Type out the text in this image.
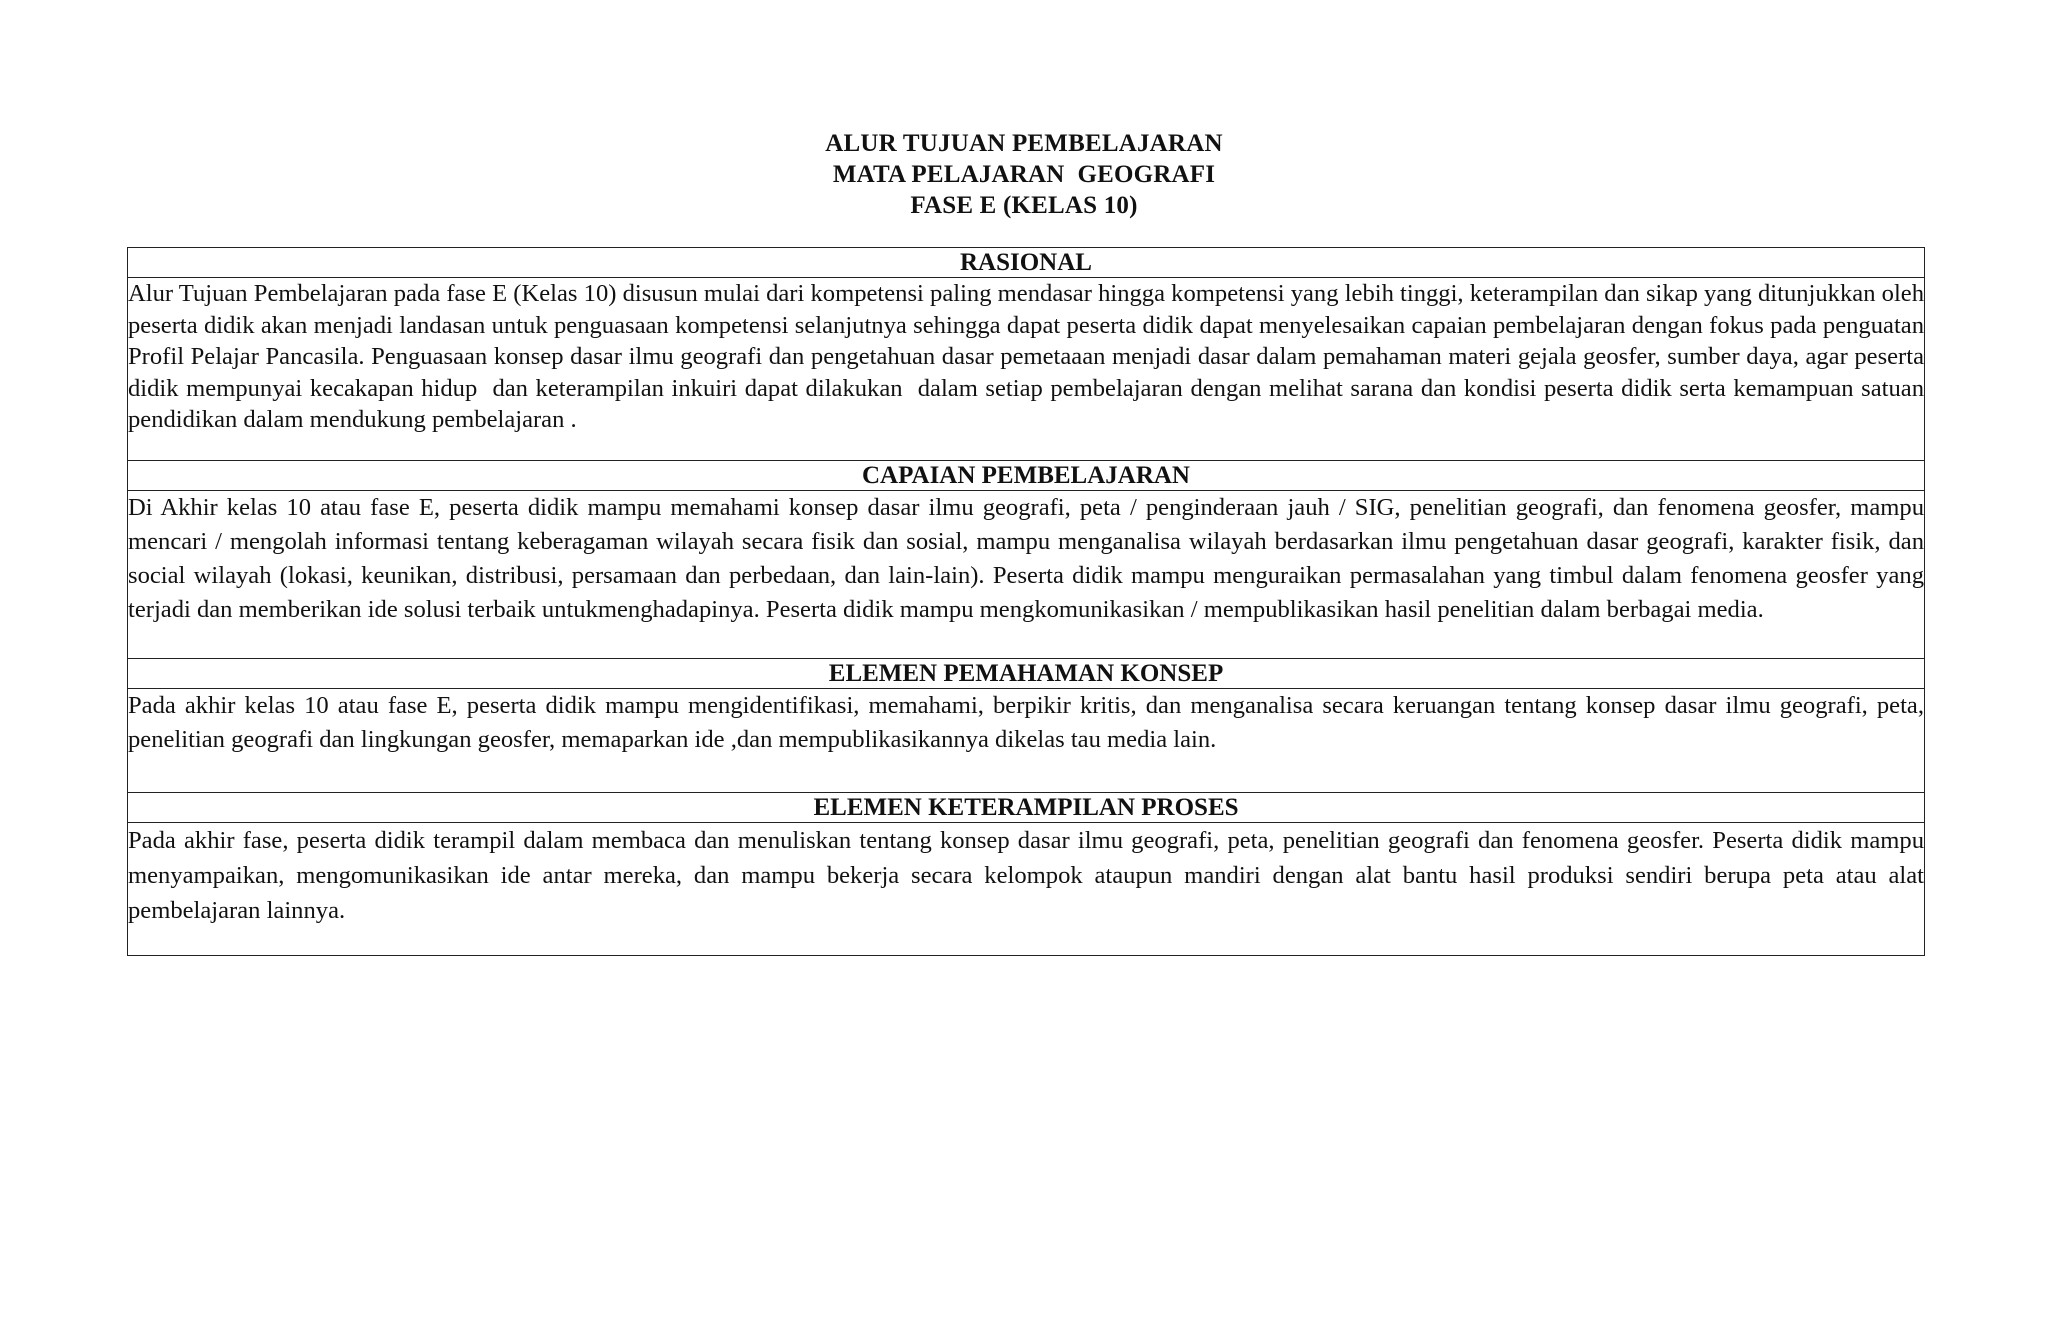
ALUR TUJUAN PEMBELAJARAN
MATA PELAJARAN  GEOGRAFI
FASE E (KELAS 10)
RASIONAL

Alur Tujuan Pembelajaran pada fase E (Kelas 10) disusun mulai dari kompetensi paling mendasar hingga kompetensi yang lebih tinggi, keterampilan dan sikap yang ditunjukkan oleh peserta didik akan menjadi landasan untuk penguasaan kompetensi selanjutnya sehingga dapat peserta didik dapat menyelesaikan capaian pembelajaran dengan fokus pada penguatan Profil Pelajar Pancasila. Penguasaan konsep dasar ilmu geografi dan pengetahuan dasar pemetaaan menjadi dasar dalam pemahaman materi gejala geosfer, sumber daya, agar peserta didik mempunyai kecakapan hidup  dan keterampilan inkuiri dapat dilakukan  dalam setiap pembelajaran dengan melihat sarana dan kondisi peserta didik serta kemampuan satuan pendidikan dalam mendukung pembelajaran .

CAPAIAN PEMBELAJARAN

Di Akhir kelas 10 atau fase E, peserta didik mampu memahami konsep dasar ilmu geografi, peta / penginderaan jauh / SIG, penelitian geografi, dan fenomena geosfer, mampu mencari / mengolah informasi tentang keberagaman wilayah secara fisik dan sosial, mampu menganalisa wilayah berdasarkan ilmu pengetahuan dasar geografi, karakter fisik, dan social wilayah (lokasi, keunikan, distribusi, persamaan dan perbedaan, dan lain-lain). Peserta didik mampu menguraikan permasalahan yang timbul dalam fenomena geosfer yang terjadi dan memberikan ide solusi terbaik untukmenghadapinya. Peserta didik mampu mengkomunikasikan / mempublikasikan hasil penelitian dalam berbagai media.

ELEMEN PEMAHAMAN KONSEP

Pada akhir kelas 10 atau fase E, peserta didik mampu mengidentifikasi, memahami, berpikir kritis, dan menganalisa secara keruangan tentang konsep dasar ilmu geografi, peta, penelitian geografi dan lingkungan geosfer, memaparkan ide ,dan mempublikasikannya dikelas tau media lain.

ELEMEN KETERAMPILAN PROSES

Pada akhir fase, peserta didik terampil dalam membaca dan menuliskan tentang konsep dasar ilmu geografi, peta, penelitian geografi dan fenomena geosfer. Peserta didik mampu menyampaikan, mengomunikasikan ide antar mereka, dan mampu bekerja secara kelompok ataupun mandiri dengan alat bantu hasil produksi sendiri berupa peta atau alat pembelajaran lainnya.
